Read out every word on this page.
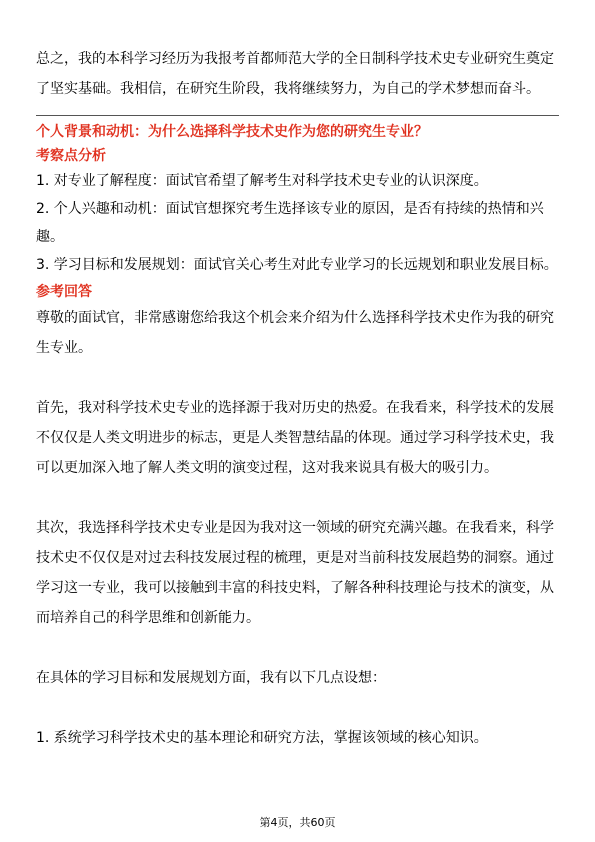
总之，我的本科学习经历为我报考首都师范大学的全日制科学技术史专业研究生奠定了坚实基础。我相信，在研究生阶段，我将继续努力，为自己的学术梦想而奋斗。

个人背景和动机：为什么选择科学技术史作为您的研究生专业？

考察点分析

1. 对专业了解程度：面试官希望了解考生对科学技术史专业的认识深度。

2. 个人兴趣和动机：面试官想探究考生选择该专业的原因，是否有持续的热情和兴趣。

3. 学习目标和发展规划：面试官关心考生对此专业学习的长远规划和职业发展目标。

参考回答

尊敬的面试官，非常感谢您给我这个机会来介绍为什么选择科学技术史作为我的研究生专业。

首先，我对科学技术史专业的选择源于我对历史的热爱。在我看来，科学技术的发展不仅仅是人类文明进步的标志，更是人类智慧结晶的体现。通过学习科学技术史，我可以更加深入地了解人类文明的演变过程，这对我来说具有极大的吸引力。

其次，我选择科学技术史专业是因为我对这一领域的研究充满兴趣。在我看来，科学技术史不仅仅是对过去科技发展过程的梳理，更是对当前科技发展趋势的洞察。通过学习这一专业，我可以接触到丰富的科技史料，了解各种科技理论与技术的演变，从而培养自己的科学思维和创新能力。

在具体的学习目标和发展规划方面，我有以下几点设想：

1. 系统学习科学技术史的基本理论和研究方法，掌握该领域的核心知识。

第4页，共60页
